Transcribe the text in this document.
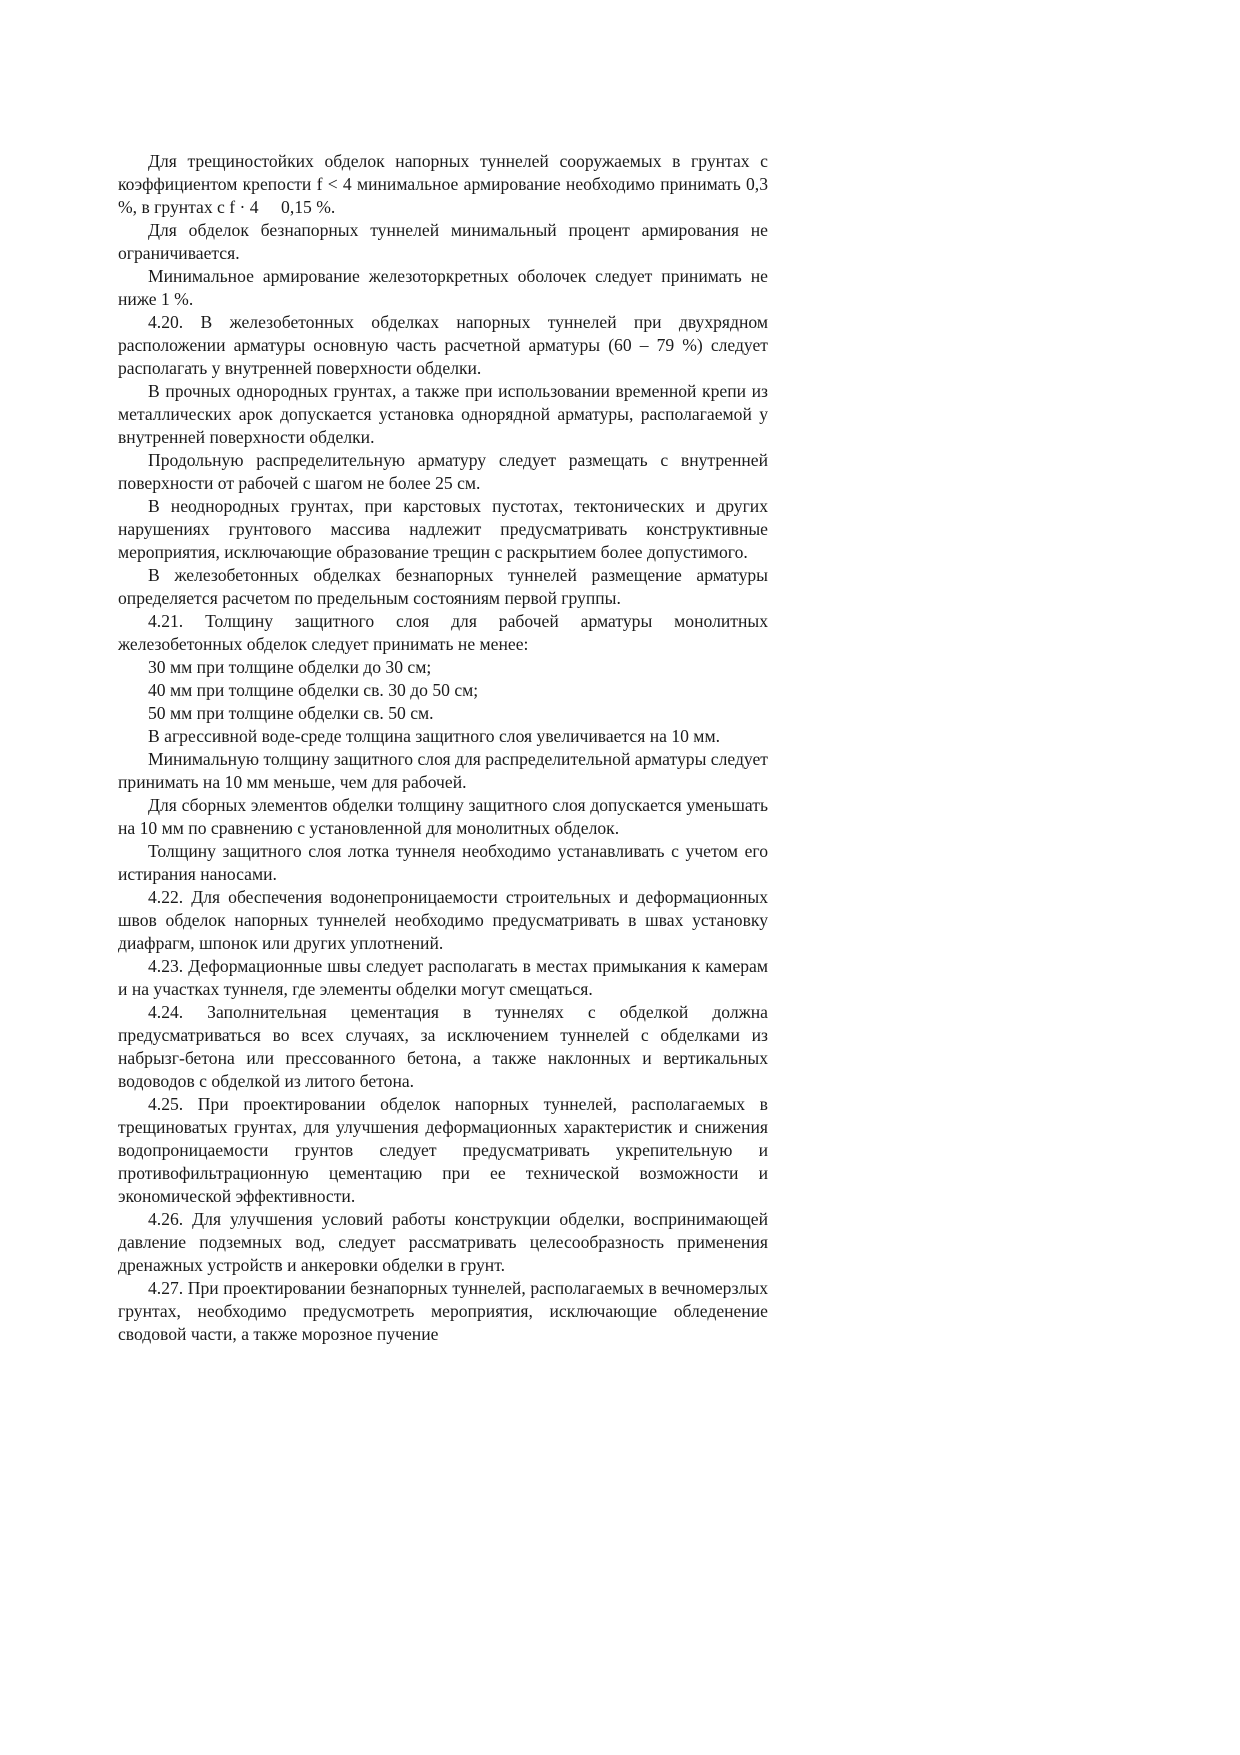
Для трещиностойких обделок напорных туннелей сооружаемых в грунтах с коэффициентом крепости f < 4 минимальное армирование необходимо принимать 0,3 %, в грунтах с f · 4   0,15 %.

Для обделок безнапорных туннелей минимальный процент армирования не ограничивается.

Минимальное армирование железоторкретных оболочек следует принимать не ниже 1 %.

4.20. В железобетонных обделках напорных туннелей при двухрядном расположении арматуры основную часть расчетной арматуры (60 – 79 %) следует располагать у внутренней поверхности обделки.

В прочных однородных грунтах, а также при использовании временной крепи из металлических арок допускается установка однорядной арматуры, располагаемой у внутренней поверхности обделки.

Продольную распределительную арматуру следует размещать с внутренней поверхности от рабочей с шагом не более 25 см.

В неоднородных грунтах, при карстовых пустотах, тектонических и других нарушениях грунтового массива надлежит предусматривать конструктивные мероприятия, исключающие образование трещин с раскрытием более допустимого.

В железобетонных обделках безнапорных туннелей размещение арматуры определяется расчетом по предельным состояниям первой группы.

4.21. Толщину защитного слоя для рабочей арматуры монолитных железобетонных обделок следует принимать не менее:

30 мм при толщине обделки до 30 см;

40 мм при толщине обделки св. 30 до 50 см;

50 мм при толщине обделки св. 50 см.

В агрессивной воде-среде толщина защитного слоя увеличивается на 10 мм.

Минимальную толщину защитного слоя для распределительной арматуры следует принимать на 10 мм меньше, чем для рабочей.

Для сборных элементов обделки толщину защитного слоя допускается уменьшать на 10 мм по сравнению с установленной для монолитных обделок.

Толщину защитного слоя лотка туннеля необходимо устанавливать с учетом его истирания наносами.

4.22. Для обеспечения водонепроницаемости строительных и деформационных швов обделок напорных туннелей необходимо предусматривать в швах установку диафрагм, шпонок или других уплотнений.

4.23. Деформационные швы следует располагать в местах примыкания к камерам и на участках туннеля, где элементы обделки могут смещаться.

4.24. Заполнительная цементация в туннелях с обделкой должна предусматриваться во всех случаях, за исключением туннелей с обделками из набрызг-бетона или прессованного бетона, а также наклонных и вертикальных водоводов с обделкой из литого бетона.

4.25. При проектировании обделок напорных туннелей, располагаемых в трещиноватых грунтах, для улучшения деформационных характеристик и снижения водопроницаемости грунтов следует предусматривать укрепительную и противофильтрационную цементацию при ее технической возможности и экономической эффективности.

4.26. Для улучшения условий работы конструкции обделки, воспринимающей давление подземных вод, следует рассматривать целесообразность применения дренажных устройств и анкеровки обделки в грунт.

4.27. При проектировании безнапорных туннелей, располагаемых в вечномерзлых грунтах, необходимо предусмотреть мероприятия, исключающие обледенение сводовой части, а также морозное пучение
